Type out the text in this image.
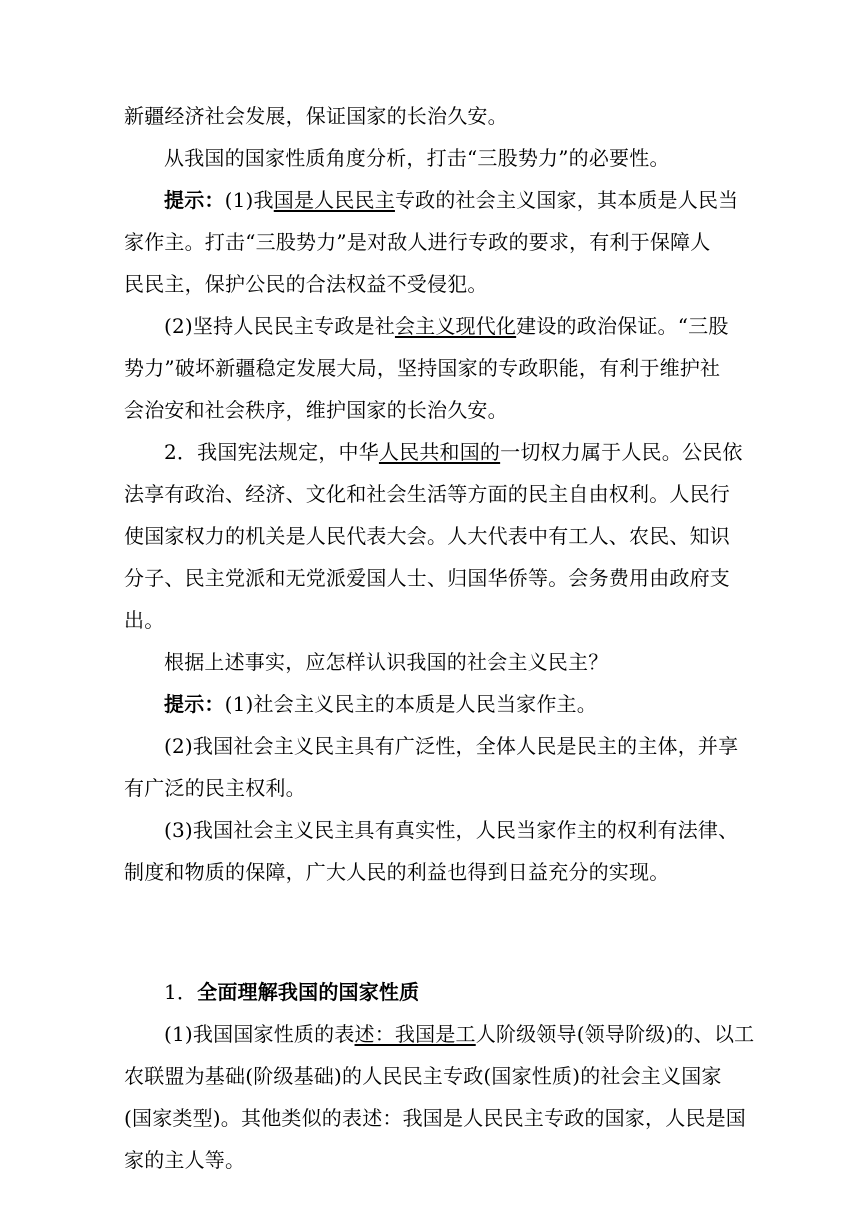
新疆经济社会发展，保证国家的长治久安。
从我国的国家性质角度分析，打击“三股势力”的必要性。
提示：(1)我国是人民民主专政的社会主义国家，其本质是人民当
家作主。打击“三股势力”是对敌人进行专政的要求，有利于保障人
民民主，保护公民的合法权益不受侵犯。
(2)坚持人民民主专政是社会主义现代化建设的政治保证。“三股
势力”破坏新疆稳定发展大局，坚持国家的专政职能，有利于维护社
会治安和社会秩序，维护国家的长治久安。
2．我国宪法规定，中华人民共和国的一切权力属于人民。公民依
法享有政治、经济、文化和社会生活等方面的民主自由权利。人民行
使国家权力的机关是人民代表大会。人大代表中有工人、农民、知识
分子、民主党派和无党派爱国人士、归国华侨等。会务费用由政府支
出。
根据上述事实，应怎样认识我国的社会主义民主？
提示：(1)社会主义民主的本质是人民当家作主。
(2)我国社会主义民主具有广泛性，全体人民是民主的主体，并享
有广泛的民主权利。
(3)我国社会主义民主具有真实性，人民当家作主的权利有法律、
制度和物质的保障，广大人民的利益也得到日益充分的实现。
1．全面理解我国的国家性质
(1)我国国家性质的表述：我国是工人阶级领导(领导阶级)的、以工
农联盟为基础(阶级基础)的人民民主专政(国家性质)的社会主义国家
(国家类型)。其他类似的表述：我国是人民民主专政的国家，人民是国
家的主人等。
